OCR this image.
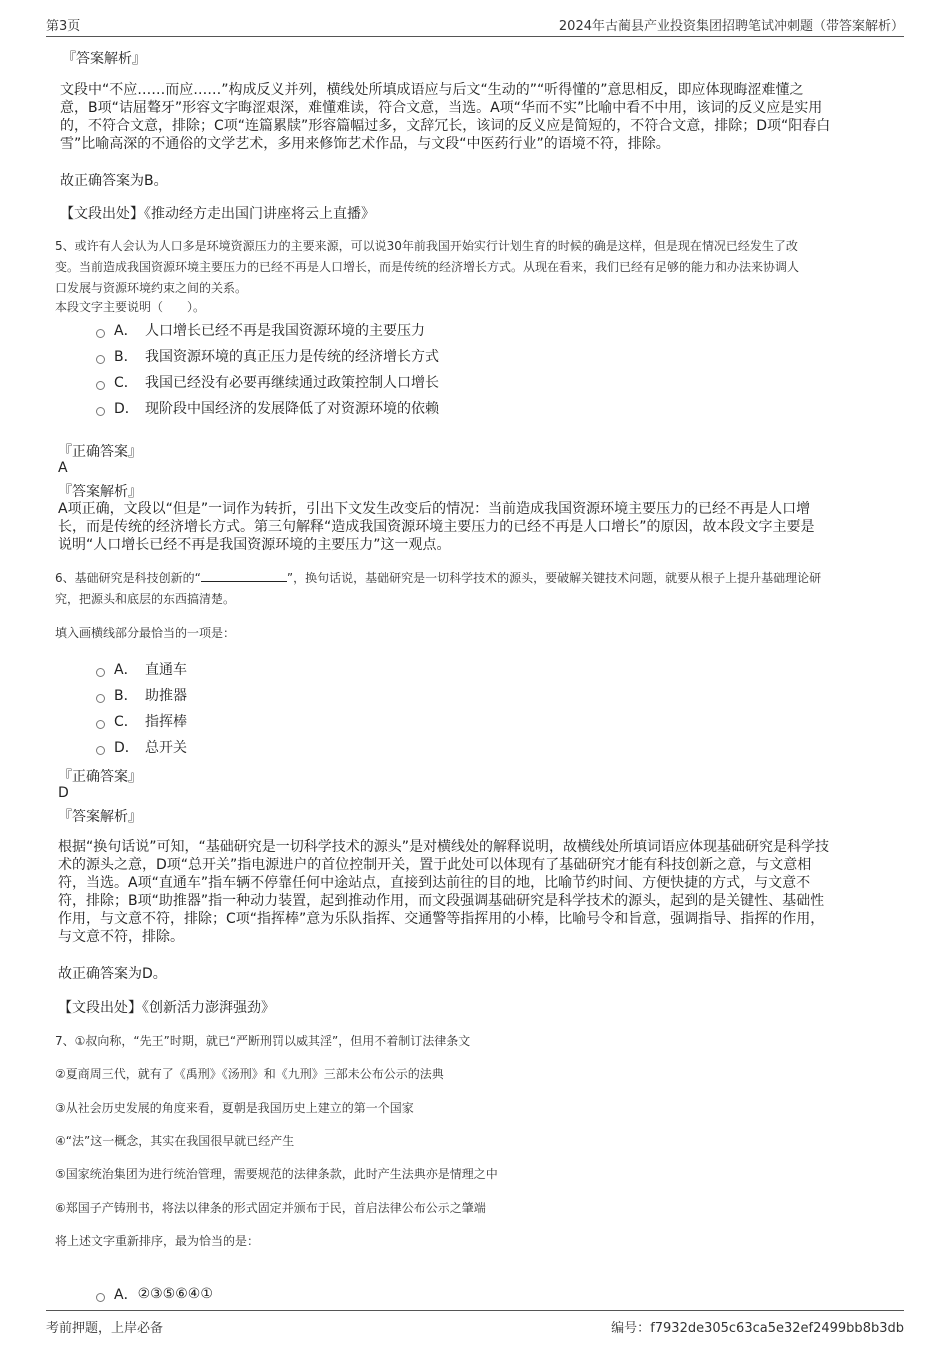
第3页	2024年古蔺县产业投资集团招聘笔试冲刺题（带答案解析）
『答案解析』
文段中“不应……而应……”构成反义并列，横线处所填成语应与后文“生动的”“听得懂的”意思相反，即应体现晦涩难懂之
意，B项“诘屈聱牙”形容文字晦涩艰深，难懂难读，符合文意，当选。A项“华而不实”比喻中看不中用，该词的反义应是实用
的，不符合文意，排除；C项“连篇累牍”形容篇幅过多，文辞冗长，该词的反义应是简短的，不符合文意，排除；D项“阳春白
雪”比喻高深的不通俗的文学艺术，多用来修饰艺术作品，与文段“中医药行业”的语境不符，排除。
故正确答案为B。
【文段出处】《推动经方走出国门讲座将云上直播》
5、或许有人会认为人口多是环境资源压力的主要来源，可以说30年前我国开始实行计划生育的时候的确是这样，但是现在情况已经发生了改
变。当前造成我国资源环境主要压力的已经不再是人口增长，而是传统的经济增长方式。从现在看来，我们已经有足够的能力和办法来协调人
口发展与资源环境约束之间的关系。
本段文字主要说明（　　）。
A． 人口增长已经不再是我国资源环境的主要压力
B． 我国资源环境的真正压力是传统的经济增长方式
C． 我国已经没有必要再继续通过政策控制人口增长
D． 现阶段中国经济的发展降低了对资源环境的依赖
『正确答案』
A
『答案解析』
A项正确，文段以“但是”一词作为转折，引出下文发生改变后的情况：当前造成我国资源环境主要压力的已经不再是人口增
长，而是传统的经济增长方式。第三句解释“造成我国资源环境主要压力的已经不再是人口增长”的原因，故本段文字主要是
说明“人口增长已经不再是我国资源环境的主要压力”这一观点。
6、基础研究是科技创新的“	”，换句话说，基础研究是一切科学技术的源头，要破解关键技术问题，就要从根子上提升基础理论研
究，把源头和底层的东西搞清楚。
填入画横线部分最恰当的一项是：
A． 直通车
B． 助推器
C． 指挥棒
D． 总开关
『正确答案』
D
『答案解析』
根据“换句话说”可知，“基础研究是一切科学技术的源头”是对横线处的解释说明，故横线处所填词语应体现基础研究是科学技
术的源头之意，D项“总开关”指电源进户的首位控制开关，置于此处可以体现有了基础研究才能有科技创新之意，与文意相
符，当选。A项“直通车”指车辆不停靠任何中途站点，直接到达前往的目的地，比喻节约时间、方便快捷的方式，与文意不
符，排除；B项“助推器”指一种动力装置，起到推动作用，而文段强调基础研究是科学技术的源头，起到的是关键性、基础性
作用，与文意不符，排除；C项“指挥棒”意为乐队指挥、交通警等指挥用的小棒，比喻号令和旨意，强调指导、指挥的作用，
与文意不符，排除。
故正确答案为D。
【文段出处】《创新活力澎湃强劲》
7、①叔向称，“先王”时期，就已“严断刑罚以威其淫”，但用不着制订法律条文
②夏商周三代，就有了《禹刑》《汤刑》和《九刑》三部未公布公示的法典
③从社会历史发展的角度来看，夏朝是我国历史上建立的第一个国家
④“法”这一概念，其实在我国很早就已经产生
⑤国家统治集团为进行统治管理，需要规范的法律条款，此时产生法典亦是情理之中
⑥郑国子产铸刑书，将法以律条的形式固定并颁布于民，首启法律公布公示之肇端
将上述文字重新排序，最为恰当的是：
A． ②③⑤⑥④①
考前押题，上岸必备	编号：f7932de305c63ca5e32ef2499bb8b3db
